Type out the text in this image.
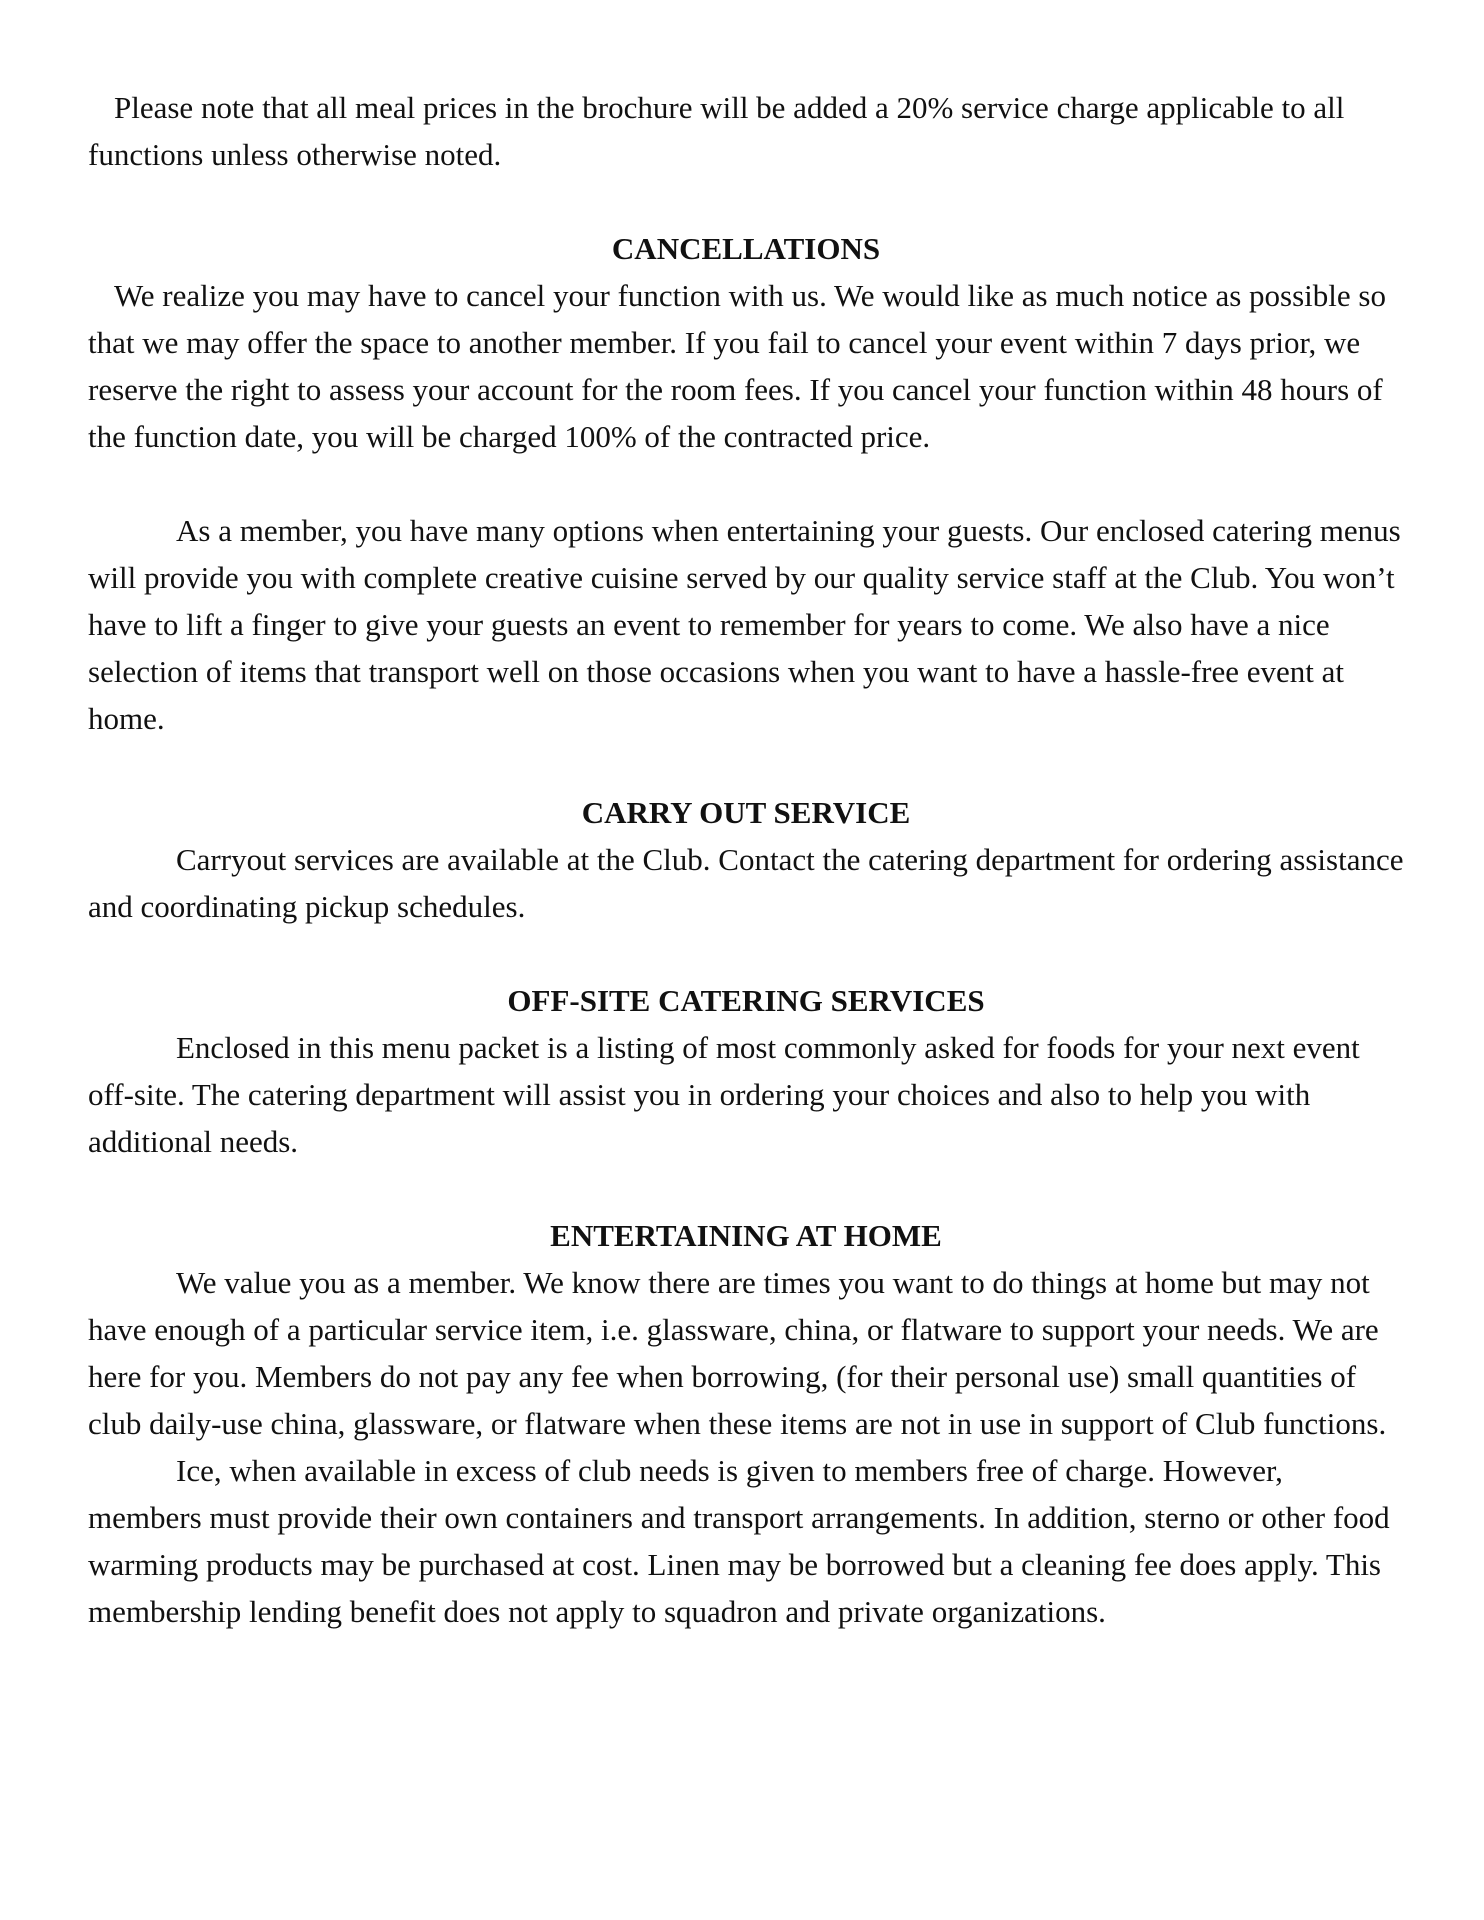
Please note that all meal prices in the brochure will be added a 20% service charge applicable to all functions unless otherwise noted.

CANCELLATIONS

We realize you may have to cancel your function with us. We would like as much notice as possible so that we may offer the space to another member. If you fail to cancel your event within 7 days prior, we reserve the right to assess your account for the room fees. If you cancel your function within 48 hours of the function date, you will be charged 100% of the contracted price.

As a member, you have many options when entertaining your guests. Our enclosed catering menus will provide you with complete creative cuisine served by our quality service staff at the Club. You won’t have to lift a finger to give your guests an event to remember for years to come. We also have a nice selection of items that transport well on those occasions when you want to have a hassle-free event at home.

CARRY OUT SERVICE

Carryout services are available at the Club. Contact the catering department for ordering assistance and coordinating pickup schedules.

OFF-SITE CATERING SERVICES

Enclosed in this menu packet is a listing of most commonly asked for foods for your next event off-site. The catering department will assist you in ordering your choices and also to help you with additional needs.

ENTERTAINING AT HOME

We value you as a member. We know there are times you want to do things at home but may not have enough of a particular service item, i.e. glassware, china, or flatware to support your needs. We are here for you. Members do not pay any fee when borrowing, (for their personal use) small quantities of club daily-use china, glassware, or flatware when these items are not in use in support of Club functions.

Ice, when available in excess of club needs is given to members free of charge. However, members must provide their own containers and transport arrangements. In addition, sterno or other food warming products may be purchased at cost. Linen may be borrowed but a cleaning fee does apply. This membership lending benefit does not apply to squadron and private organizations.
